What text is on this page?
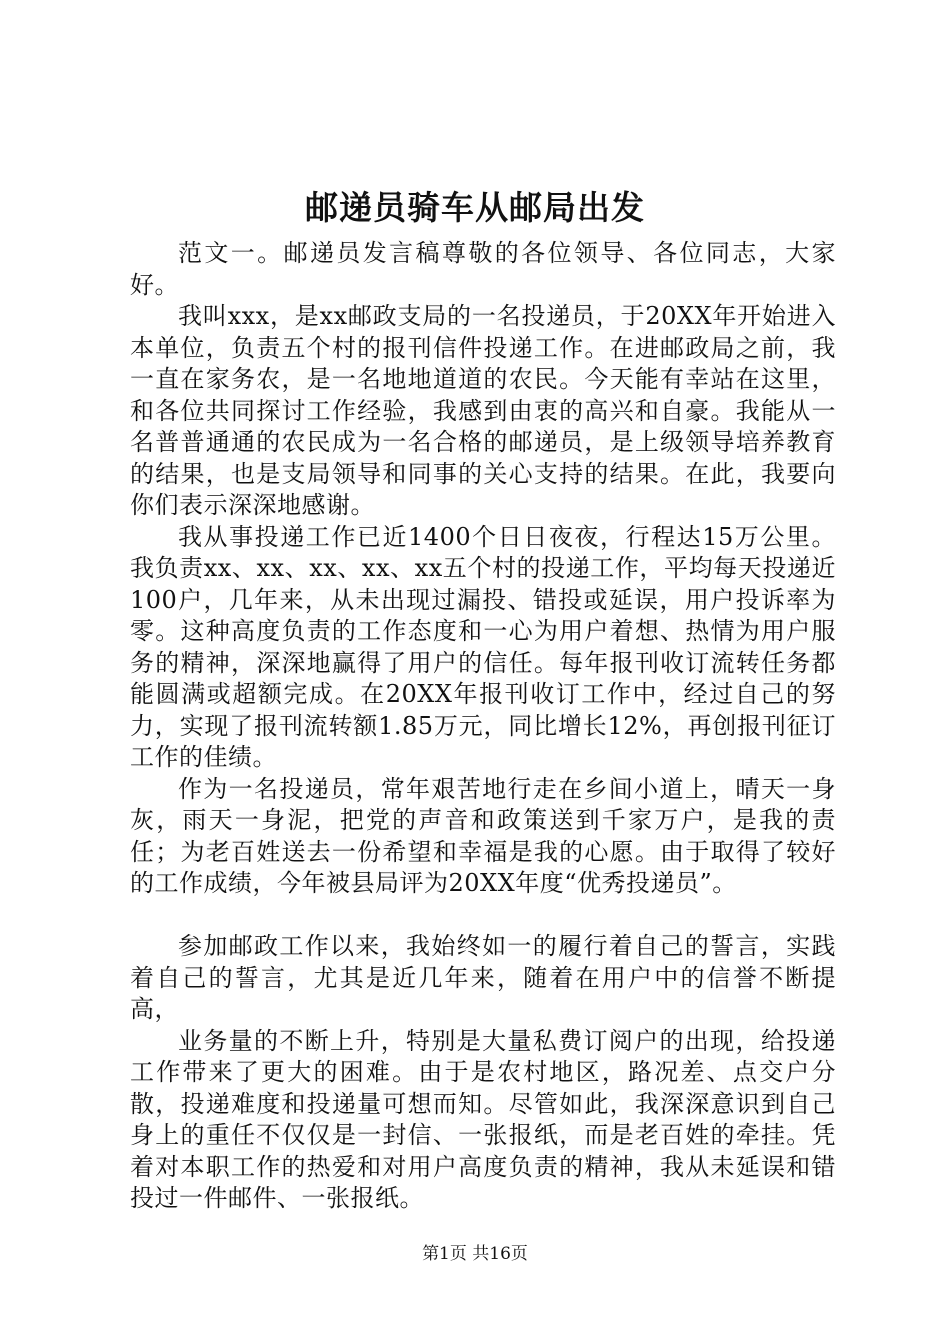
邮递员骑车从邮局出发

范文一。邮递员发言稿尊敬的各位领导、各位同志，大家好。

我叫xxx，是xx邮政支局的一名投递员，于20XX年开始进入本单位，负责五个村的报刊信件投递工作。在进邮政局之前，我一直在家务农，是一名地地道道的农民。今天能有幸站在这里，和各位共同探讨工作经验，我感到由衷的高兴和自豪。我能从一名普普通通的农民成为一名合格的邮递员，是上级领导培养教育的结果，也是支局领导和同事的关心支持的结果。在此，我要向你们表示深深地感谢。

我从事投递工作已近1400个日日夜夜，行程达15万公里。我负责xx、xx、xx、xx、xx五个村的投递工作，平均每天投递近100户，几年来，从未出现过漏投、错投或延误，用户投诉率为零。这种高度负责的工作态度和一心为用户着想、热情为用户服务的精神，深深地赢得了用户的信任。每年报刊收订流转任务都能圆满或超额完成。在20XX年报刊收订工作中，经过自己的努力，实现了报刊流转额1.85万元，同比增长12%，再创报刊征订工作的佳绩。

作为一名投递员，常年艰苦地行走在乡间小道上，晴天一身灰，雨天一身泥，把党的声音和政策送到千家万户，是我的责任；为老百姓送去一份希望和幸福是我的心愿。由于取得了较好的工作成绩，今年被县局评为20XX年度“优秀投递员”。

参加邮政工作以来，我始终如一的履行着自己的誓言，实践着自己的誓言，尤其是近几年来，随着在用户中的信誉不断提高，

业务量的不断上升，特别是大量私费订阅户的出现，给投递工作带来了更大的困难。由于是农村地区，路况差、点交户分散，投递难度和投递量可想而知。尽管如此，我深深意识到自己身上的重任不仅仅是一封信、一张报纸，而是老百姓的牵挂。凭着对本职工作的热爱和对用户高度负责的精神，我从未延误和错投过一件邮件、一张报纸。

第1页 共16页
